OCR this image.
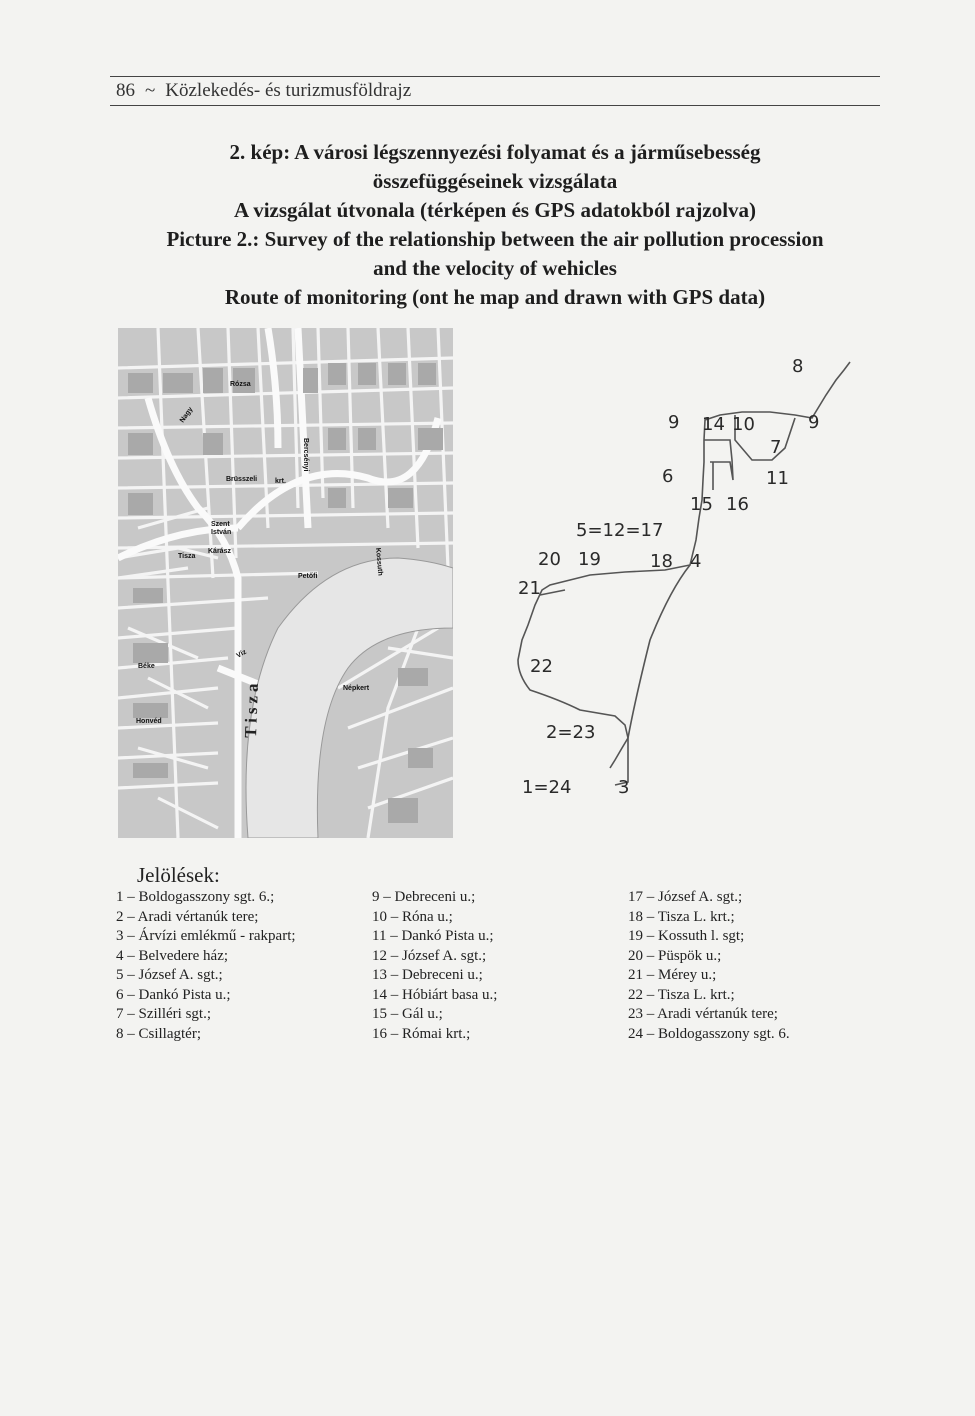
86 ~ Közlekedés- és turizmusföldrajz
2. kép: A városi légszennyezési folyamat és a járműsebesség
összefüggéseinek vizsgálata
A vizsgálat útvonala (térképen és GPS adatokból rajzolva)
Picture 2.: Survey of the relationship between the air pollution procession
and the velocity of wehicles
Route of monitoring (ont he map and drawn with GPS data)
Tisza
Rózsa
Brüsszeli	krt.
Nagy
Bercsényi
Kossuth
Petőfi
Szent
István
Tisza
Béke
Népkert
Víz
Honvéd
Kárász
8
9 14 10	9
7
6	11
15 16
5=12=17
20 19	18 4
21
22
2=23
1=24	3
Jelölések:
1 – Boldogasszony sgt. 6.;
2 – Aradi vértanúk tere;
3 – Árvízi emlékmű - rakpart;
4 – Belvedere ház;
5 – József A. sgt.;
6 – Dankó Pista u.;
7 – Szilléri sgt.;
8 – Csillagtér;
9 – Debreceni u.;
10 – Róna u.;
11 – Dankó Pista u.;
12 – József A. sgt.;
13 – Debreceni u.;
14 – Hóbiárt basa u.;
15 – Gál u.;
16 – Római krt.;
17 – József A. sgt.;
18 – Tisza L. krt.;
19 – Kossuth l. sgt;
20 – Püspök u.;
21 – Mérey u.;
22 – Tisza L. krt.;
23 – Aradi vértanúk tere;
24 – Boldogasszony sgt. 6.
